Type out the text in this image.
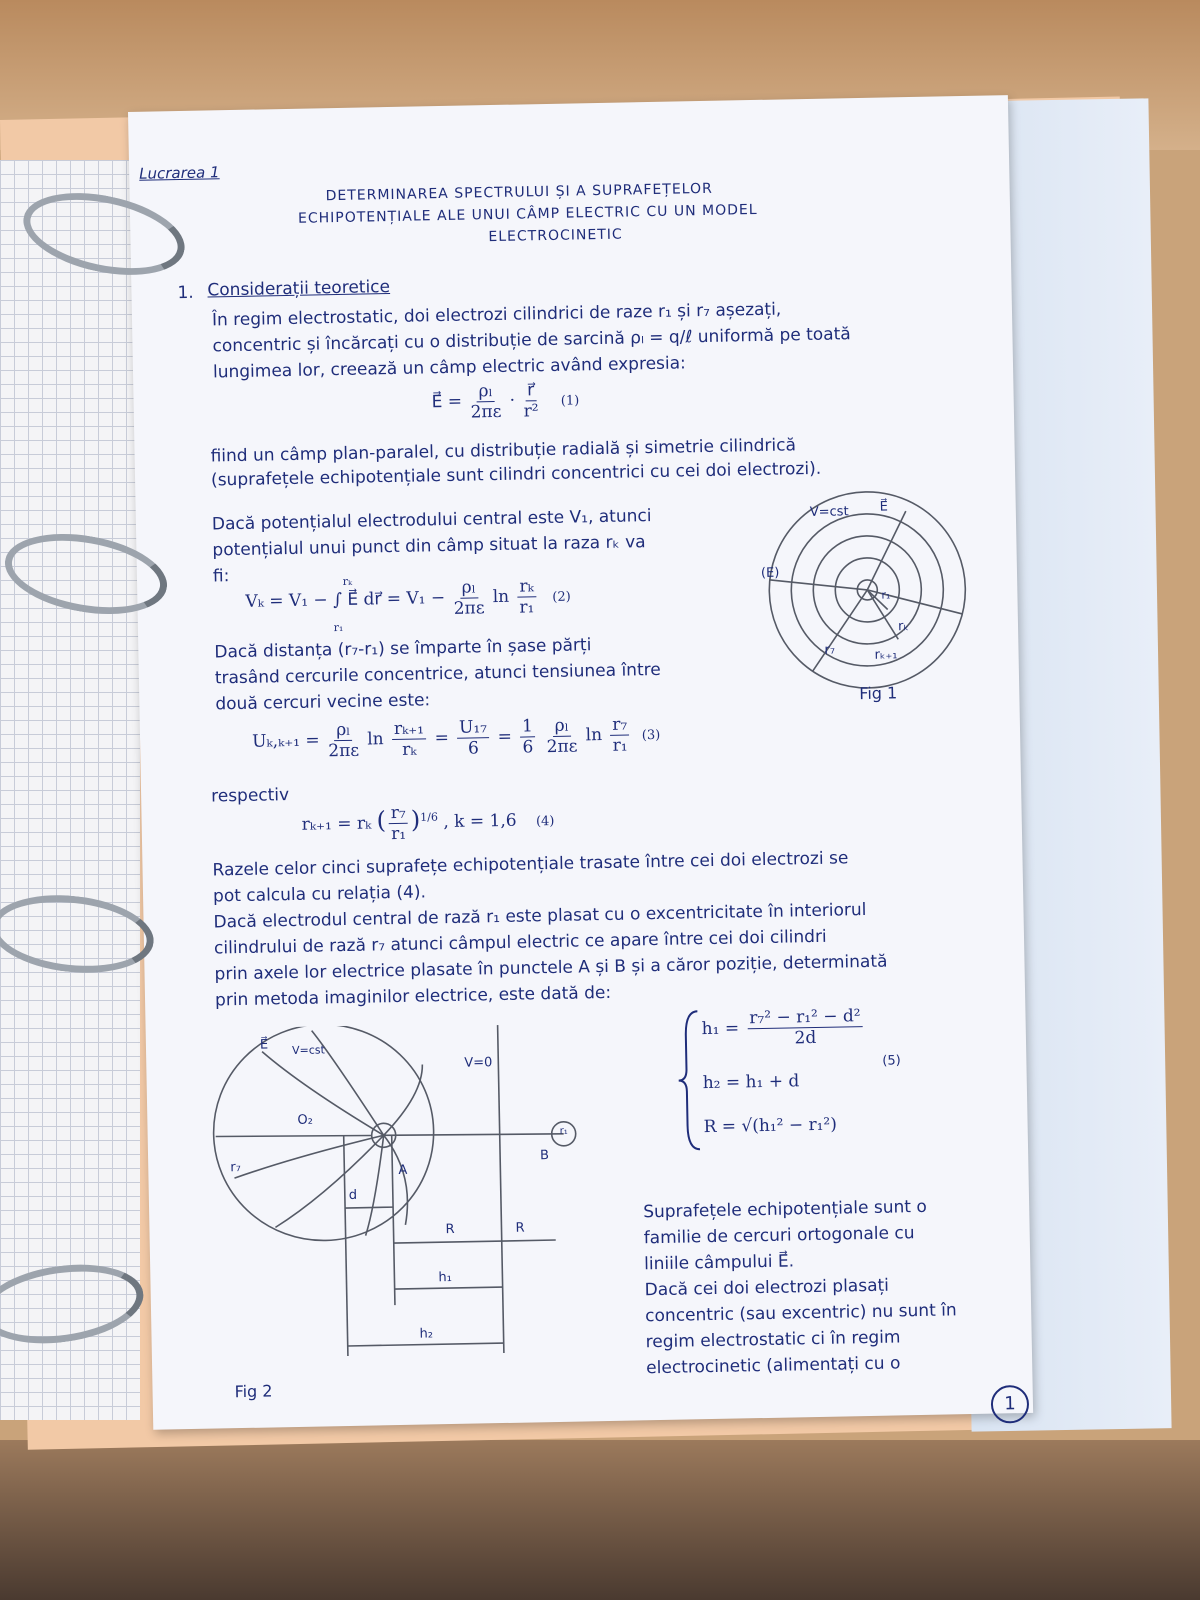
Lucrarea 1
DETERMINAREA SPECTRULUI ȘI A SUPRAFEȚELOR
ECHIPOTENȚIALE ALE UNUI CÂMP ELECTRIC CU UN MODEL
ELECTROCINETIC
1. Considerații teoretice
În regim electrostatic, doi electrozi cilindrici de raze r₁ și r₇ așezați,
concentric și încărcați cu o distribuție de sarcină ρₗ = q/ℓ uniformă pe toată
lungimea lor, creează un câmp electric având expresia:
E⃗ = $\frac{\text{ρₗ}}{2\pi\varepsilon} \cdot \frac{r⃗}{\text{r²}} (1)$
fiind un câmp plan-paralel, cu distribuție radială și simetrie cilindrică
(suprafețele echipotențiale sunt cilindri concentrici cu cei doi electrozi).
Dacă potențialul electrodului central este V₁, atunci
potențialul unui punct din câmp situat la raza rₖ va
fi:
Vₖ = V₁ −
rₖ
r₁
∫ E⃗ dr⃗ = $V_1 - \frac{\text{ρₗ}}{2\pi\varepsilon}$ $\ln \frac{\text{rₖ}}{\text{r₁}} (2)$
Dacă distanța (r₇-r₁) se împarte în șase părți
trasând cercurile concentrice, atunci tensiunea între
două cercuri vecine este:
$U_k,_{k+1} = \frac{\text{ρₗ}}{2\pi\varepsilon}$ $\ln \frac{\text{rₖ₊₁}}{\text{rₖ}} = \frac{\text{U₁₇}}{6} = \frac{1}{6}$
$\frac{\text{ρₗ}}{2\pi\varepsilon}$ $\ln \frac{\text{r₇}}{\text{r₁}} (3)$
respectiv
rₖ₊₁ = rₖ ( $\frac{\text{r₇}}{\text{r₁}} )^{1/6}$ , k = 1,6 (4)
Razele celor cinci suprafețe echipotențiale trasate între cei doi electrozi se
pot calcula cu relația (4).
Dacă electrodul central de rază r₁ este plasat cu o excentricitate în interiorul
cilindrului de rază r₇ atunci câmpul electric ce apare între cei doi cilindri
prin axele lor electrice plasate în punctele A și B și a căror poziție, determinată
prin metoda imaginilor electrice, este dată de:
$h_1 = \frac{\text{r₇² − r₁² − d²}}{2d}$
h₂ = h₁ + d
R = √(h₁² − r₁²)
(5)
V=cst E⃗
(E)
r₁
rₖ
rₖ₊₁
r₇
Fig 1
E⃗ V=cst
V=0
O₂
r₇	A
B
r₁
d
R	R
h₁
h₂
Fig 2
Suprafețele echipotențiale sunt o
familie de cercuri ortogonale cu
liniile câmpului E⃗.
Dacă cei doi electrozi plasați
concentric (sau excentric) nu sunt în
regim electrostatic ci în regim
electrocinetic (alimentați cu o
1
